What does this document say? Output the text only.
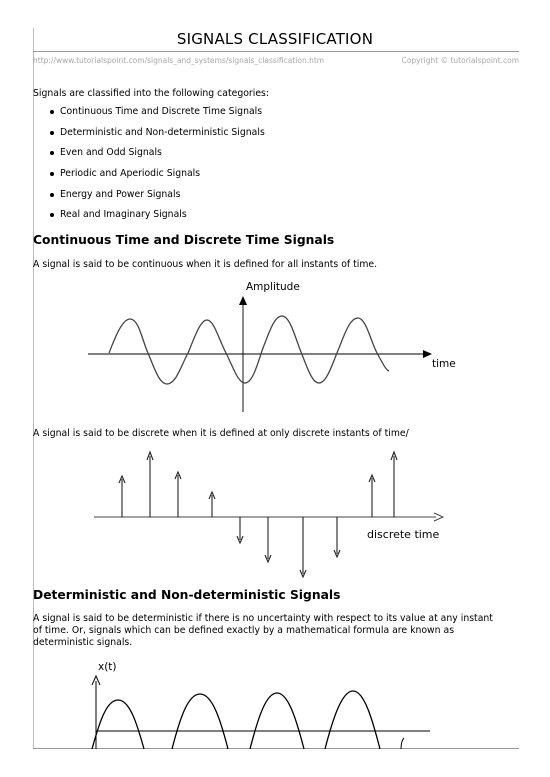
SIGNALS CLASSIFICATION
http://www.tutorialspoint.com/signals_and_systems/signals_classification.htm	Copyright © tutorialspoint.com
Signals are classified into the following categories:
Continuous Time and Discrete Time Signals
Deterministic and Non-deterministic Signals
Even and Odd Signals
Periodic and Aperiodic Signals
Energy and Power Signals
Real and Imaginary Signals
Continuous Time and Discrete Time Signals
A signal is said to be continuous when it is defined for all instants of time.
Amplitude
time
A signal is said to be discrete when it is defined at only discrete instants of time/
discrete time
Deterministic and Non-deterministic Signals
A signal is said to be deterministic if there is no uncertainty with respect to its value at any instant
of time. Or, signals which can be defined exactly by a mathematical formula are known as
deterministic signals.
x(t)
